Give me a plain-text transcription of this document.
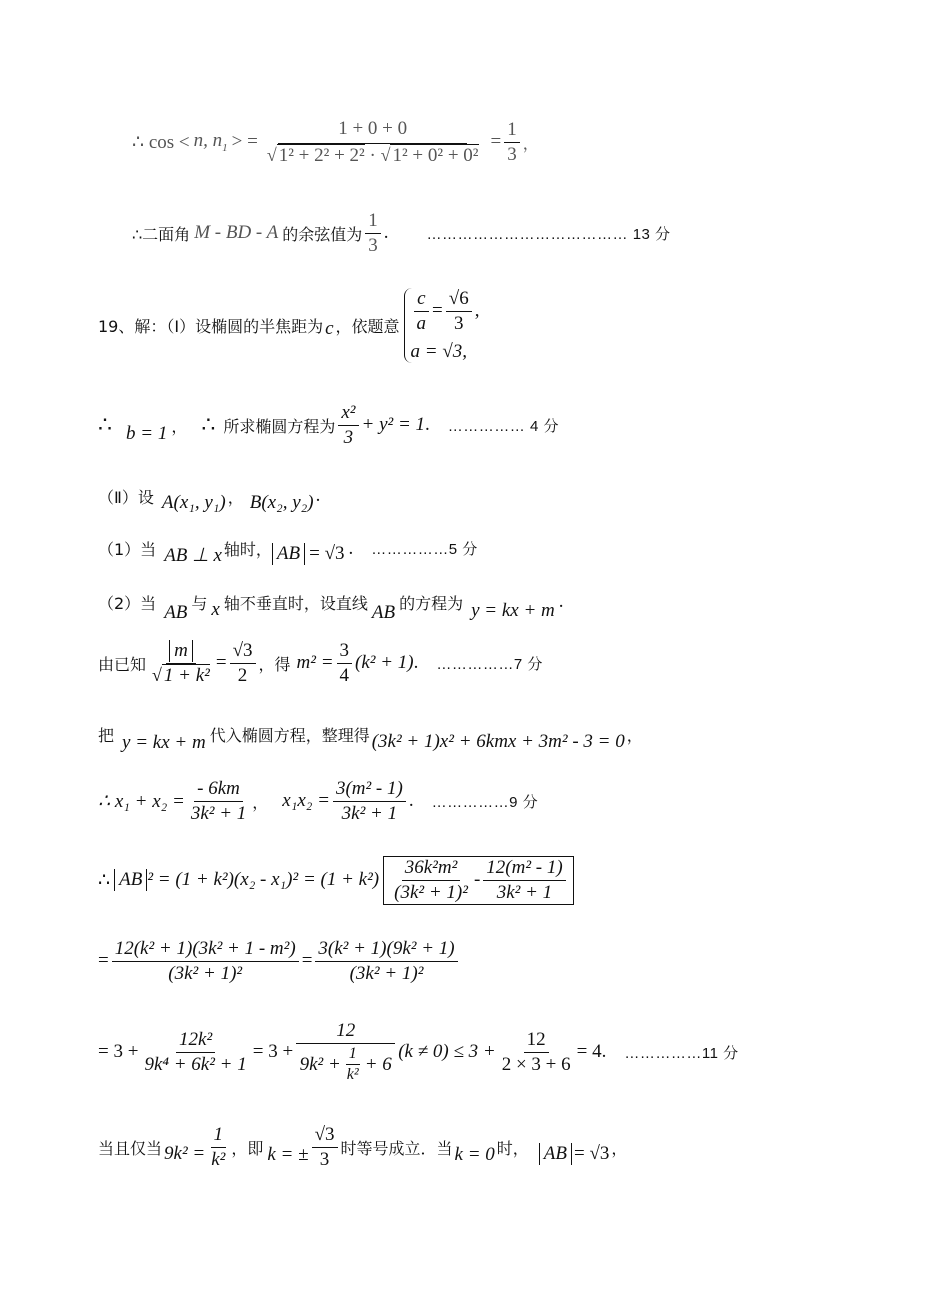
∴ cos < n, $n_1$ > = $\frac{1 + 0 + 0}{\text{√ 1² + 2² + 2² · √ 1² + 0² + 0²}} = \frac{1}{3}$ ，
∴二面角 M - BD - A 的余弦值为 $\frac{1}{3}$ .	………………………………… 13 分
19、解：（Ⅰ）设椭圆的半焦距为 c ，依题意 $\frac{c}{a} = \frac{√6}{3}$ ,
a = √3,
∴ b = 1 ， ∴ 所求椭圆方程为 $\frac{\text{x²}}{3} + y^2 = 1$ . …………… 4 分
（Ⅱ）设 A(x₁, y₁) ， B(x₂, y₂) .
（1）当 AB ⊥ x 轴时， AB = √3 . ……………5 分
（2）当 AB 与 x 轴不垂直时，设直线 AB 的方程为 y = kx + m .
由已知 $\frac{m}{\text{√ 1 + k²}} = \frac{√3}{2}$ ，得 $m^2 = \frac{3}{4} (k^2 + 1)$ . ……………7 分
把 y = kx + m 代入椭圆方程，整理得 (3k² + 1)x² + 6kmx + 3m² - 3 = 0 ，
∴ $x_1 + x_2 = \frac{- 6km}{\text{3k² + 1}}$ ， $x_1x_2 = \frac{\text{3(m² - 1)}}{\text{3k² + 1}}$ . ……………9 分
∴ AB $^2 = (1 + k^2)(x_2 - x_1)^2 = (1 + k^2) \frac{\text{36k²m²}}{\text{(3k² + 1)²}} - \frac{\text{12(m² - 1)}}{\text{3k² + 1}}$
= $\frac{\text{12(k² + 1)(3k² + 1 - m²)}}{\text{(3k² + 1)²}} = \frac{\text{3(k² + 1)(9k² + 1)}}{\text{(3k² + 1)²}}$
= $3 + \frac{\text{12k²}}{\text{9k⁴ + 6k² + 1}} = 3 + \frac{12}{9k^2 + \frac{1}{\text{k²}} + 6} (k \ne 0) \le 3 + \frac{12}{2 \times 3 + 6} = 4$ . ……………11 分
当且仅当 $9k^2 = \frac{1}{\text{k²}}$ ，即 k = ± $\frac{√3}{3}$ 时等号成立．当 k = 0 时， AB = √3 ，
